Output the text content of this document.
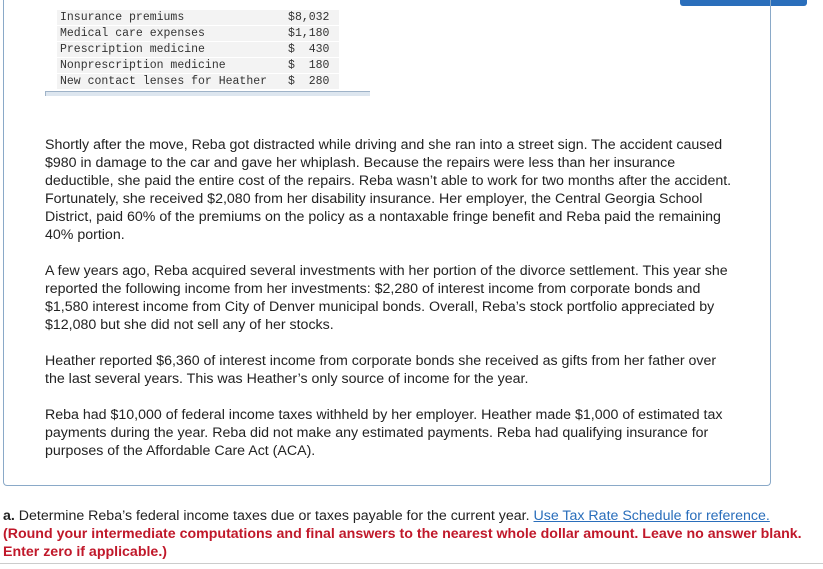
Insurance premiums	$8,032
Medical care expenses	$1,180
Prescription medicine	$  430
Nonprescription medicine	$  180
New contact lenses for Heather	$  280

Shortly after the move, Reba got distracted while driving and she ran into a street sign. The accident caused $980 in damage to the car and gave her whiplash. Because the repairs were less than her insurance deductible, she paid the entire cost of the repairs. Reba wasn’t able to work for two months after the accident. Fortunately, she received $2,080 from her disability insurance. Her employer, the Central Georgia School District, paid 60% of the premiums on the policy as a nontaxable fringe benefit and Reba paid the remaining 40% portion.

A few years ago, Reba acquired several investments with her portion of the divorce settlement. This year she reported the following income from her investments: $2,280 of interest income from corporate bonds and $1,580 interest income from City of Denver municipal bonds. Overall, Reba’s stock portfolio appreciated by $12,080 but she did not sell any of her stocks.

Heather reported $6,360 of interest income from corporate bonds she received as gifts from her father over the last several years. This was Heather’s only source of income for the year.

Reba had $10,000 of federal income taxes withheld by her employer. Heather made $1,000 of estimated tax payments during the year. Reba did not make any estimated payments. Reba had qualifying insurance for purposes of the Affordable Care Act (ACA).

a. Determine Reba’s federal income taxes due or taxes payable for the current year. Use Tax Rate Schedule for reference. (Round your intermediate computations and final answers to the nearest whole dollar amount. Leave no answer blank. Enter zero if applicable.)
